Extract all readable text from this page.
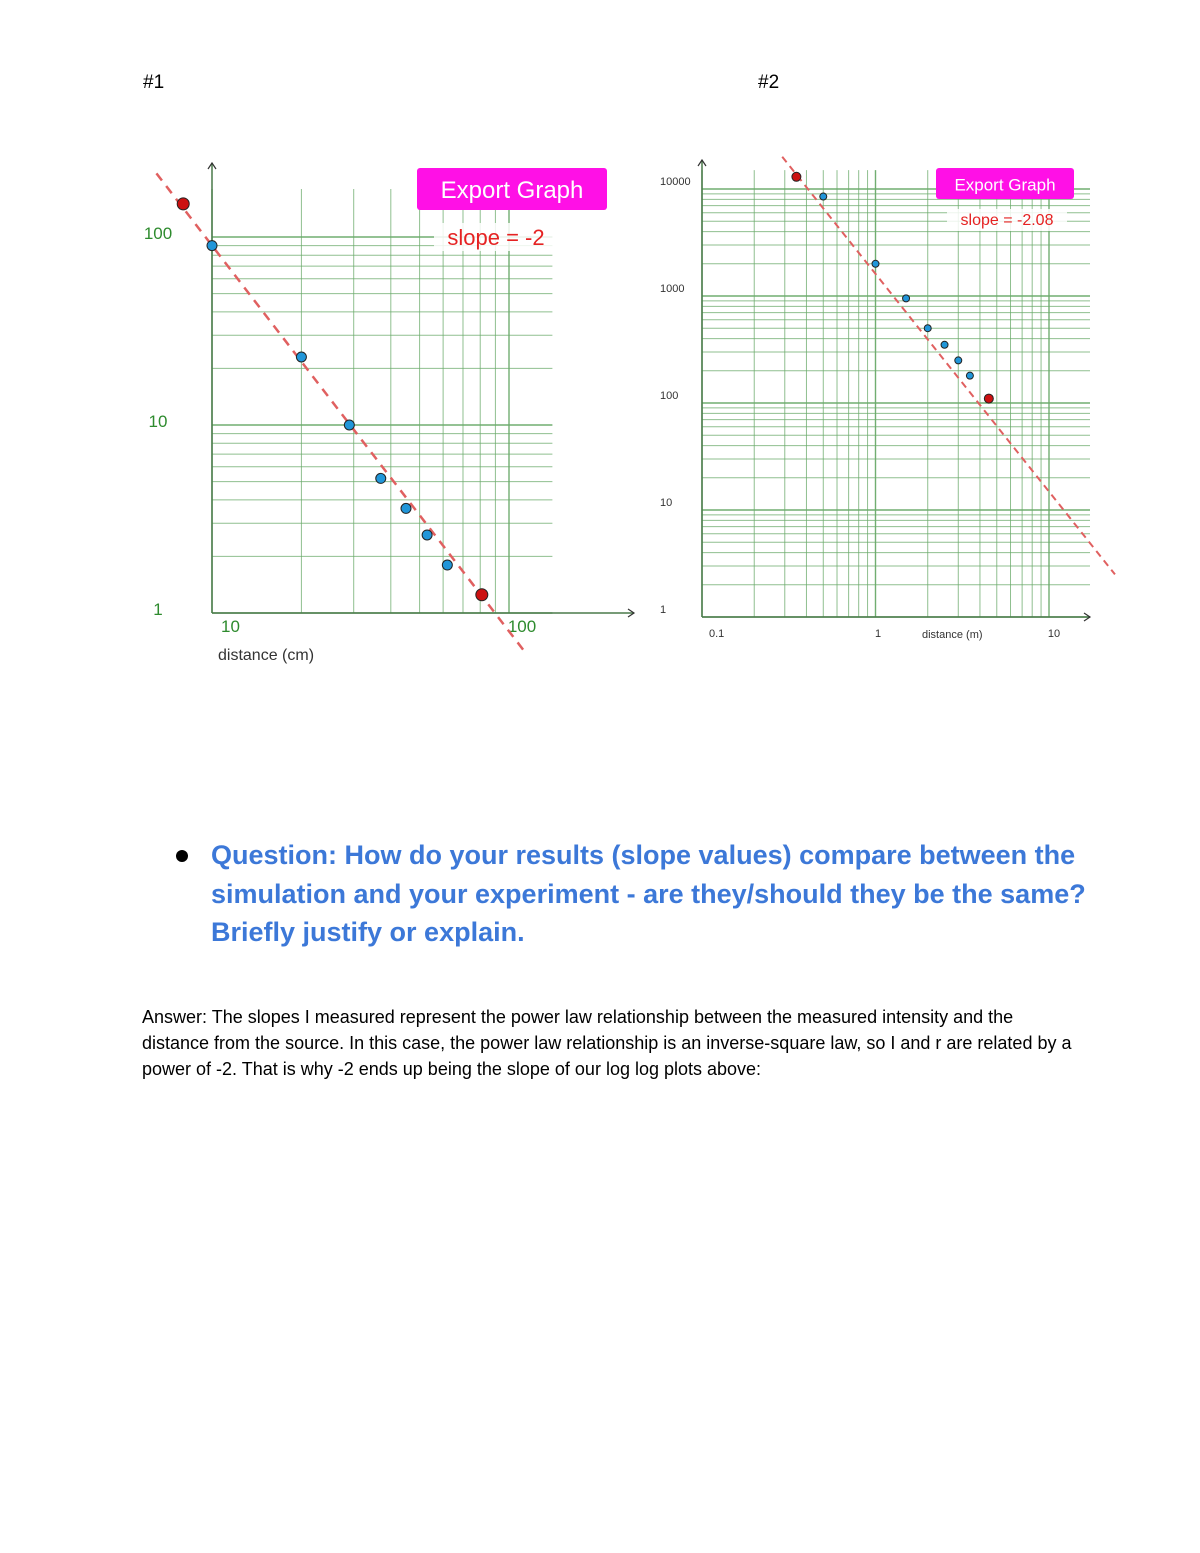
#1	#2
10	100
1
10
100
distance (cm)
Export Graph
slope = -2
0.1	1	10
1
10
100
1000
10000
distance (m)
Export Graph
slope = -2.08

Question: How do your results (slope values) compare between the simulation and your experiment - are they/should they be the same? Briefly justify or explain.

Answer: The slopes I measured represent the power law relationship between the measured intensity and the distance from the source. In this case, the power law relationship is an inverse-square law, so I and r are related by a power of -2. That is why -2 ends up being the slope of our log log plots above:
